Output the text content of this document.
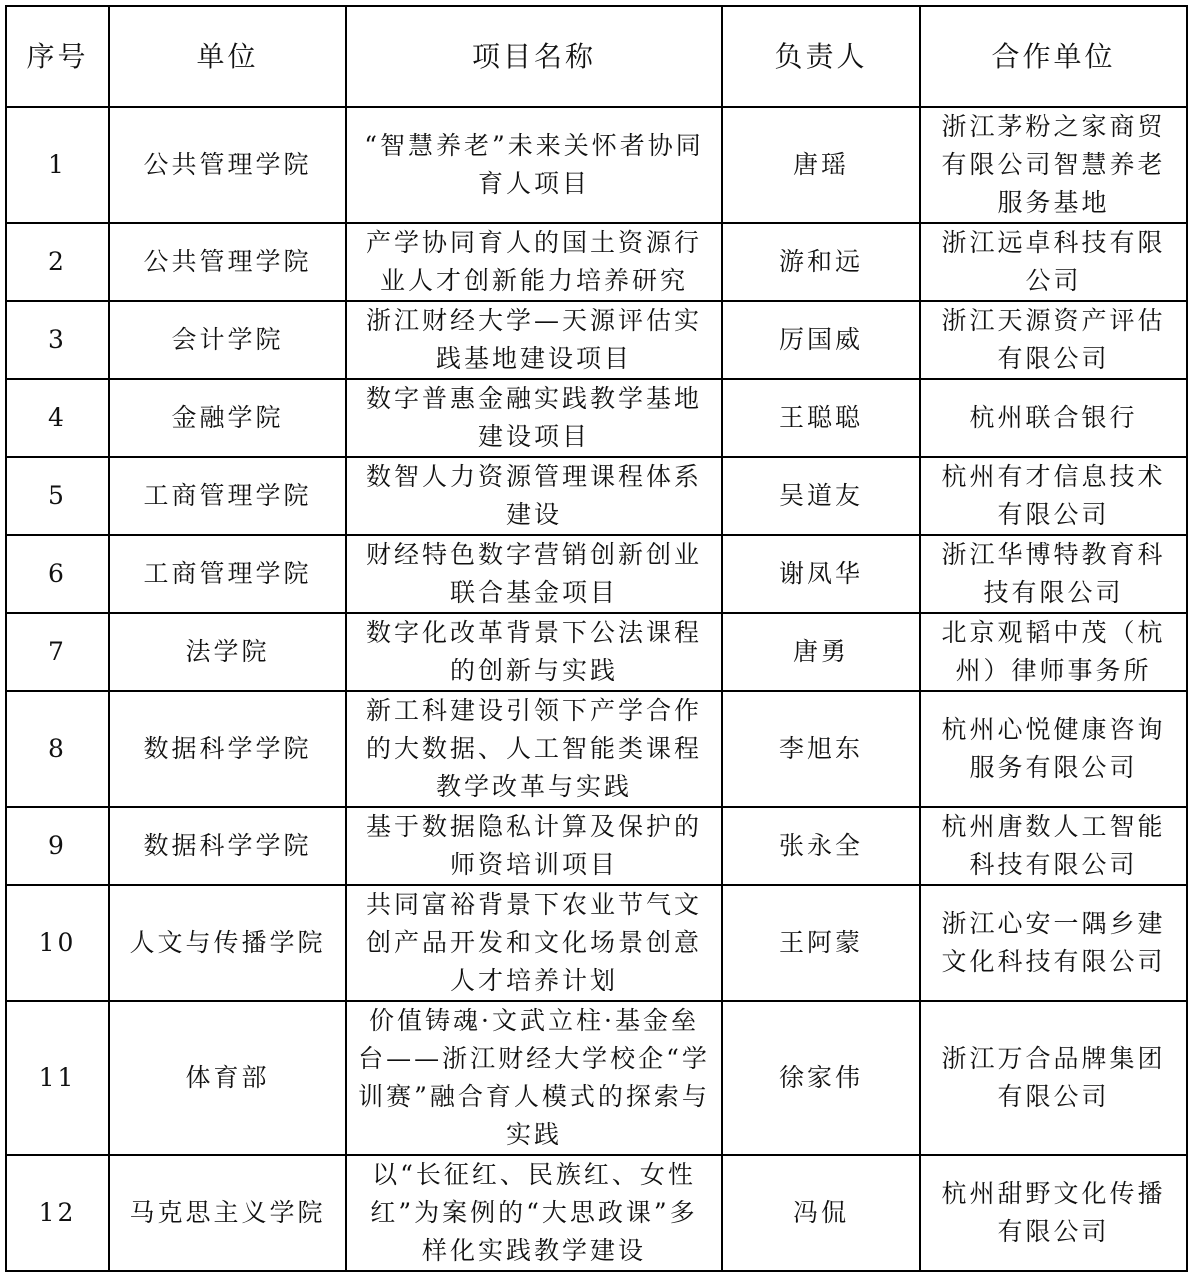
序号	单位	项目名称	负责人	合作单位
1	公共管理学院	“智慧养老”未来关怀者协同育人项目	唐瑶	浙江茅粉之家商贸有限公司智慧养老服务基地
2	公共管理学院	产学协同育人的国土资源行业人才创新能力培养研究	游和远	浙江远卓科技有限公司
3	会计学院	浙江财经大学—天源评估实践基地建设项目	厉国威	浙江天源资产评估有限公司
4	金融学院	数字普惠金融实践教学基地建设项目	王聪聪	杭州联合银行
5	工商管理学院	数智人力资源管理课程体系建设	吴道友	杭州有才信息技术有限公司
6	工商管理学院	财经特色数字营销创新创业联合基金项目	谢凤华	浙江华博特教育科技有限公司
7	法学院	数字化改革背景下公法课程的创新与实践	唐勇	北京观韬中茂（杭州）律师事务所
8	数据科学学院	新工科建设引领下产学合作的大数据、人工智能类课程教学改革与实践	李旭东	杭州心悦健康咨询服务有限公司
9	数据科学学院	基于数据隐私计算及保护的师资培训项目	张永全	杭州唐数人工智能科技有限公司
10	人文与传播学院	共同富裕背景下农业节气文创产品开发和文化场景创意人才培养计划	王阿蒙	浙江心安一隅乡建文化科技有限公司
11	体育部	价值铸魂·文武立柱·基金垒台——浙江财经大学校企“学训赛”融合育人模式的探索与实践	徐家伟	浙江万合品牌集团有限公司
12	马克思主义学院	以“长征红、民族红、女性红”为案例的“大思政课”多样化实践教学建设	冯侃	杭州甜野文化传播有限公司
